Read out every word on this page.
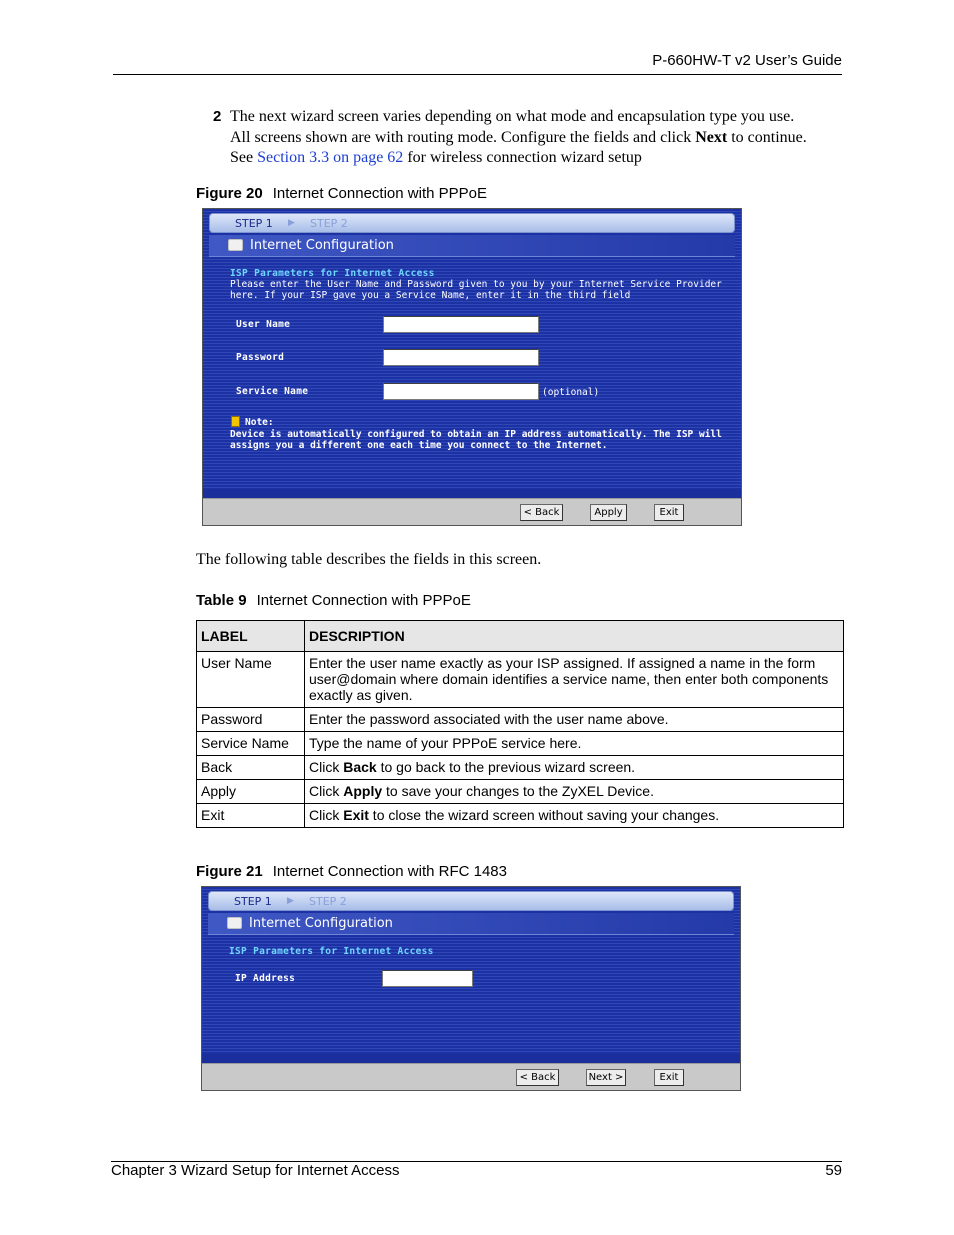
P-660HW-T v2 User’s Guide
2 The next wizard screen varies depending on what mode and encapsulation type you use.
All screens shown are with routing mode. Configure the fields and click Next to continue.
See Section 3.3 on page 62 for wireless connection wizard setup
Figure 20 Internet Connection with PPPoE
STEP 1 ▶ STEP 2
Internet Configuration
ISP Parameters for Internet Access
Please enter the User Name and Password given to you by your Internet Service Provider here. If your ISP gave you a Service Name, enter it in the third field
User Name
Password
Service Name	(optional)
Note:
Device is automatically configured to obtain an IP address automatically. The ISP will assigns you a different one each time you connect to the Internet.
< Back	Apply	Exit
The following table describes the fields in this screen.
Table 9 Internet Connection with PPPoE
LABEL	DESCRIPTION
User Name	Enter the user name exactly as your ISP assigned. If assigned a name in the form user@domain where domain identifies a service name, then enter both components exactly as given.
Password	Enter the password associated with the user name above.
Service Name	Type the name of your PPPoE service here.
Back	Click Back to go back to the previous wizard screen.
Apply	Click Apply to save your changes to the ZyXEL Device.
Exit	Click Exit to close the wizard screen without saving your changes.
Figure 21 Internet Connection with RFC 1483
STEP 1 ▶ STEP 2
Internet Configuration
ISP Parameters for Internet Access
IP Address
< Back	Next >	Exit
Chapter 3 Wizard Setup for Internet Access	59
